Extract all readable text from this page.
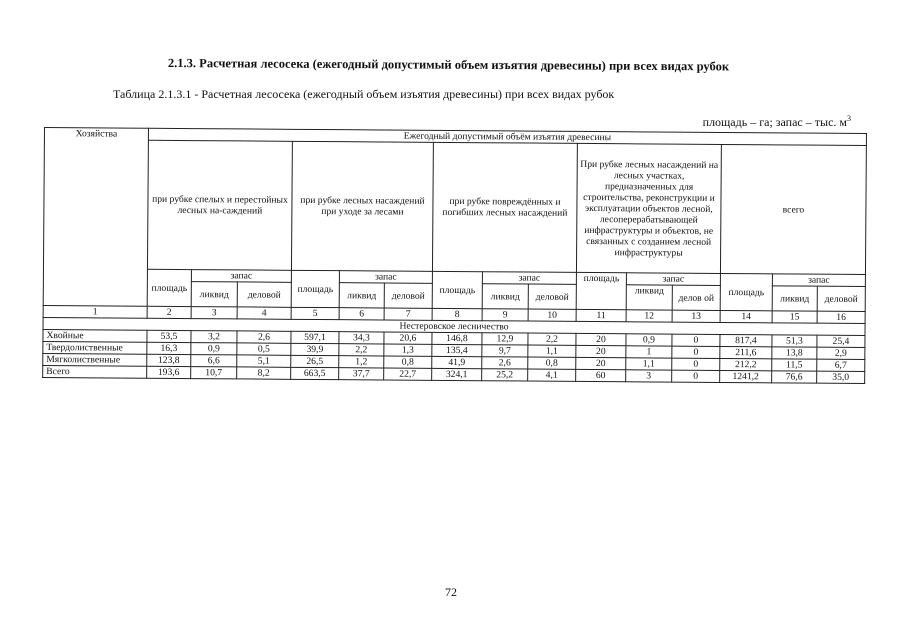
2.1.3. Расчетная лесосека (ежегодный допустимый объем изъятия древесины) при всех видах рубок
Таблица 2.1.3.1 - Расчетная лесосека (ежегодный объем изъятия древесины) при всех видах рубок
площадь – га; запас – тыс. $м^3$
Хозяйства	Ежегодный допустимый объём изъятия древесины														
	при рубке спелых и перестойных лесных на-саждений			при рубке лесных насаждений при уходе за лесами			при рубке повреждённых и погибших лесных насаждений			При рубке лесных насаждений на лесных участках, предназначенных для строительства, реконструкции и эксплуатации объектов лесной, лесоперерабатывающей инфраструктуры и объектов, не связанных с созданием лесной инфраструктуры			всего		
	площадь	запас		площадь	запас		площадь	запас		площадь	запас		площадь	запас	
		ликвид	деловой		ликвид	деловой		ликвид	деловой		ликвид	делов ой		ликвид	деловой
1	2	3	4	5	6	7	8	9	10	11	12	13	14	15	16
Нестеровское лесничество															
Хвойные	53,5	3,2	2,6	597,1	34,3	20,6	146,8	12,9	2,2	20	0,9	0	817,4	51,3	25,4
Твердолиственные	16,3	0,9	0,5	39,9	2,2	1,3	135,4	9,7	1,1	20	1	0	211,6	13,8	2,9
Мягколиственные	123,8	6,6	5,1	26,5	1,2	0,8	41,9	2,6	0,8	20	1,1	0	212,2	11,5	6,7
Всего	193,6	10,7	8,2	663,5	37,7	22,7	324,1	25,2	4,1	60	3	0	1241,2	76,6	35,0
72
